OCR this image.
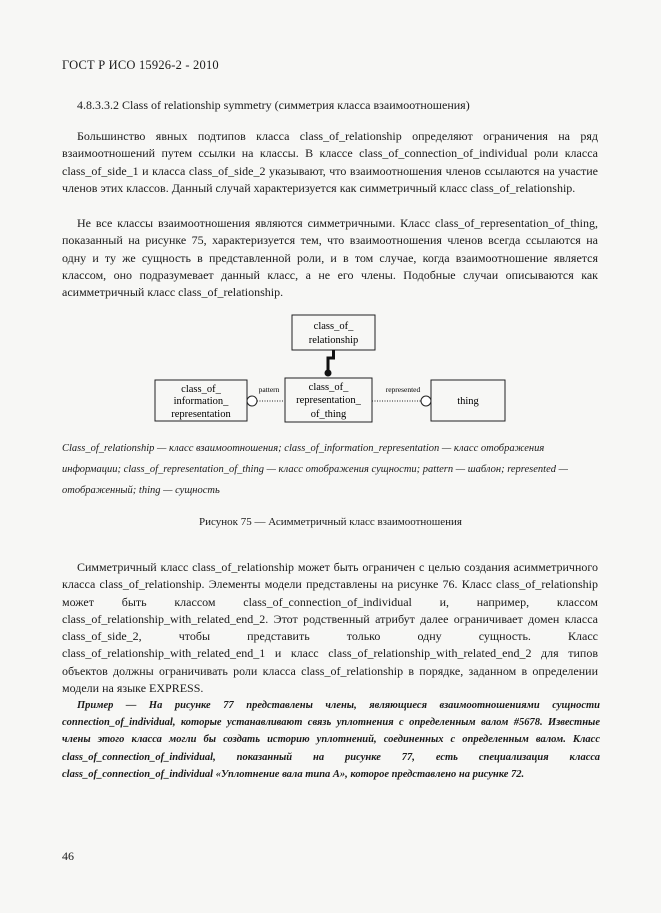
ГОСТ Р ИСО 15926-2 - 2010
4.8.3.3.2 Class of relationship symmetry (симметрия класса взаимоотношения)
Большинство явных подтипов класса class_of_relationship определяют ограничения на ряд взаимоотношений путем ссылки на классы. В классе class_of_connection_of_individual роли класса class_of_side_1 и класса class_of_side_2 указывают, что взаимоотношения членов ссылаются на участие членов этих классов. Данный случай характеризуется как симметричный класс class_of_relationship.
Не все классы взаимоотношения являются симметричными. Класс class_of_representation_of_thing, показанный на рисунке 75, характеризуется тем, что взаимоотношения членов всегда ссылаются на одну и ту же сущность в представленной роли, и в том случае, когда взаимоотношение является классом, оно подразумевает данный класс, а не его члены. Подобные случаи описываются как асимметричный класс class_of_relationship.
class_of_
relationship
class_of_
information_
representation
class_of_
representation_
of_thing
pattern	represented
thing
Class_of_relationship — класс взаимоотношения; class_of_information_representation — класс отображения
информации; class_of_representation_of_thing — класс отображения сущности; pattern — шаблон; represented —
отображенный; thing — сущность
Рисунок 75 — Асимметричный класс взаимоотношения
Симметричный класс class_of_relationship может быть ограничен с целью создания асимметричного класса class_of_relationship. Элементы модели представлены на рисунке 76. Класс class_of_relationship может быть классом class_of_connection_of_individual и, например, классом class_of_relationship_with_related_end_2. Этот родственный атрибут далее ограничивает домен класса class_of_side_2, чтобы представить только одну сущность. Класс class_of_relationship_with_related_end_1 и класс class_of_relationship_with_related_end_2 для типов объектов должны ограничивать роли класса class_of_relationship в порядке, заданном в определении модели на языке EXPRESS.
Пример — На рисунке 77 представлены члены, являющиеся взаимоотношениями сущности connection_of_individual, которые устанавливают связь уплотнения с определенным валом #5678. Известные члены этого класса могли бы создать историю уплотнений, соединенных с определенным валом. Класс class_of_connection_of_individual, показанный на рисунке 77, есть специализация класса class_of_connection_of_individual «Уплотнение вала типа А», которое представлено на рисунке 72.
46
